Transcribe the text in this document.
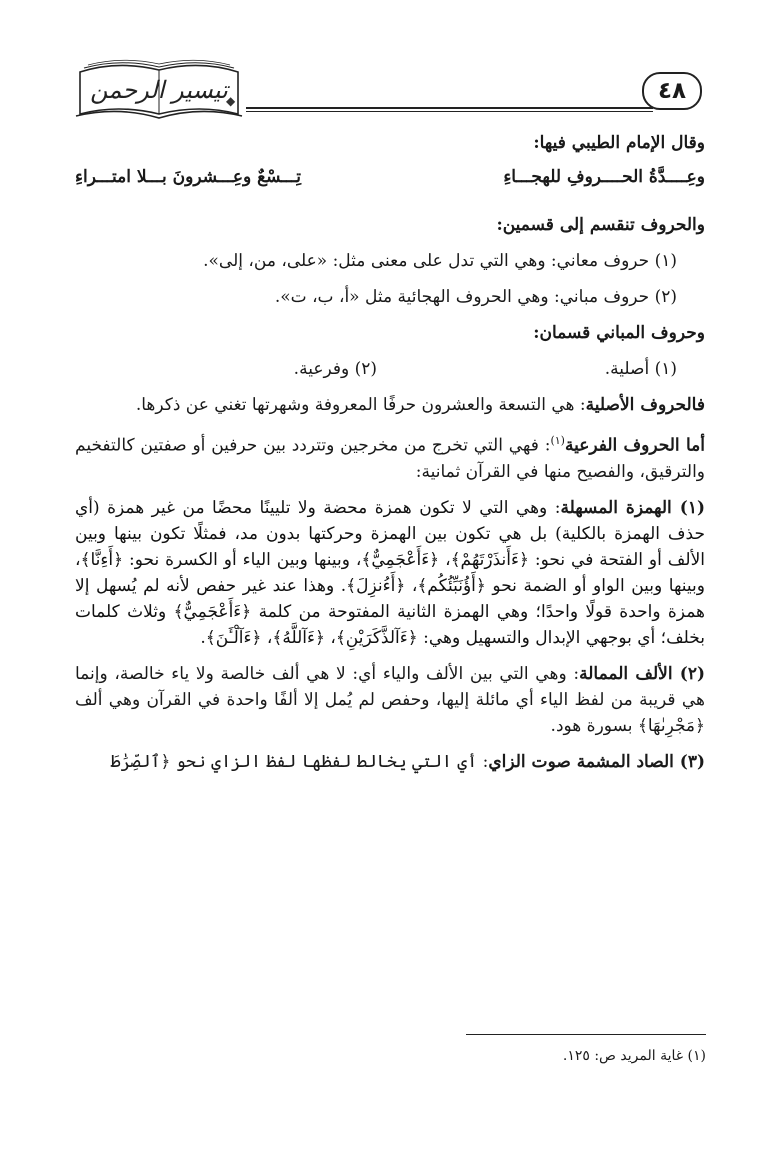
تيسير الرحمن
◆	٤٨

وقال الإمام الطيبي فيها:

وعِــــدَّةُ الحــــروفِ للهجـــاءِ
تِـــسْعٌ وعِـــشرونَ بـــلا امتـــراءِ

والحروف تنقسم إلى قسمين:

(١) حروف معاني: وهي التي تدل على معنى مثل: «على، من، إلى».

(٢) حروف مباني: وهي الحروف الهجائية مثل «أ، ب، ت».

وحروف المباني قسمان:

(١) أصلية.
(٢) وفرعية.

فالحروف الأصلية: هي التسعة والعشرون حرفًا المعروفة وشهرتها تغني عن ذكرها.

أما الحروف الفرعية$^{(١)}$: فهي التي تخرج من مخرجين وتتردد بين حرفين أو صفتين كالتفخيم والترقيق، والفصيح منها في القرآن ثمانية:

(١) الهمزة المسهلة: وهي التي لا تكون همزة محضة ولا تليينًا محضًا من غير همزة (أي حذف الهمزة بالكلية) بل هي تكون بين الهمزة وحركتها بدون مد، فمثلًا تكون بينها وبين الألف أو الفتحة في نحو: ﴿ءَأَنذَرْتَهُمْ﴾، ﴿ءَأَعْجَمِيٌّ﴾، وبينها وبين الياء أو الكسرة نحو: ﴿أَءِنَّا﴾، وبينها وبين الواو أو الضمة نحو ﴿أَؤُنَبِّئُكُم﴾، ﴿أَءُنزِلَ﴾. وهذا عند غير حفص لأنه لم يُسهل إلا همزة واحدة قولًا واحدًا؛ وهي الهمزة الثانية المفتوحة من كلمة ﴿ءَأَعْجَمِيٌّ﴾ وثلاث كلمات بخلف؛ أي بوجهي الإبدال والتسهيل وهي: ﴿ءَآلذَّكَرَيْنِ﴾، ﴿ءَآللَّهُ﴾، ﴿ءَآلْـَٔنَ﴾.

(٢) الألف الممالة: وهي التي بين الألف والياء أي: لا هي ألف خالصة ولا ياء خالصة، وإنما هي قريبة من لفظ الياء أي مائلة إليها، وحفص لم يُمل إلا ألفًا واحدة في القرآن وهي ألف ﴿مَجْرِىٰهَا﴾ بسورة هود.

(٣) الصاد المشمة صوت الزاي: أي التي يخالط لفظها لفظ الزاي نحو ﴿ٱلصِّرَٰطَ

(١) غاية المريد ص: ١٢٥.
